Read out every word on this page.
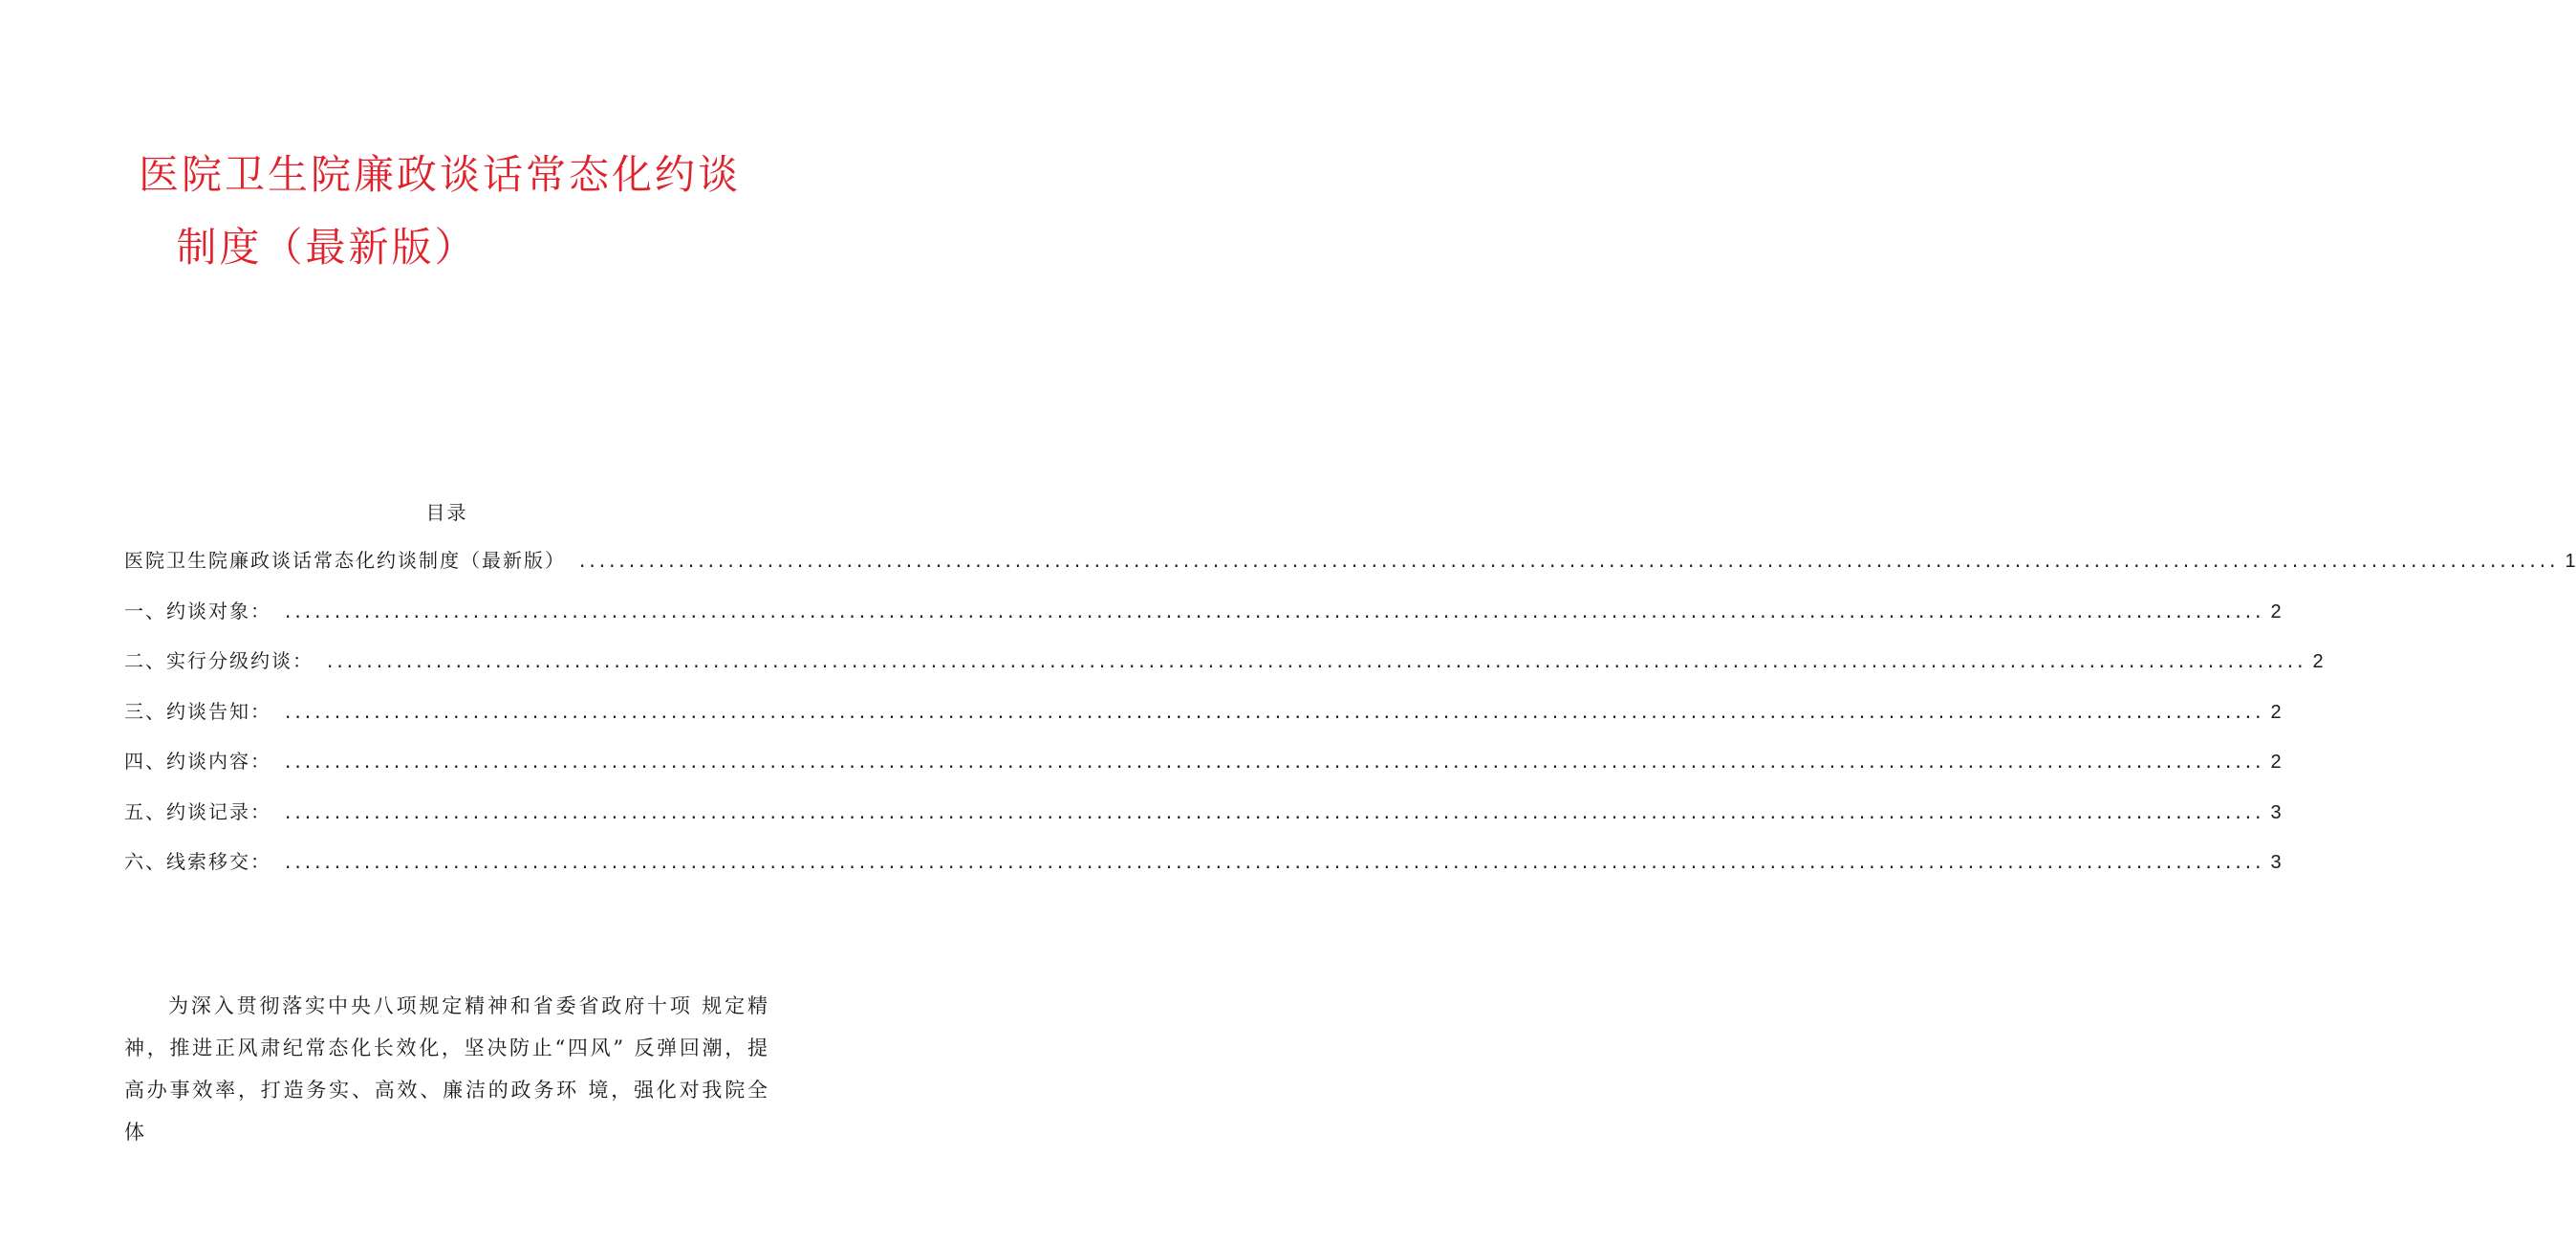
医院卫生院廉政谈话常态化约谈
制度（最新版）
目录
医院卫生院廉政谈话常态化约谈制度（最新版） ........................................................................................................................................................................................................ 1
一、约谈对象： ........................................................................................................................................................................................................ 2
二、实行分级约谈： ........................................................................................................................................................................................................ 2
三、约谈告知： ........................................................................................................................................................................................................ 2
四、约谈内容： ........................................................................................................................................................................................................ 2
五、约谈记录： ........................................................................................................................................................................................................ 3
六、线索移交： ........................................................................................................................................................................................................ 3

为深入贯彻落实中央八项规定精神和省委省政府十项 规定精神，推进正风肃纪常态化长效化，坚决防止“四风” 反弹回潮，提高办事效率，打造务实、高效、廉洁的政务环 境，强化对我院全体
